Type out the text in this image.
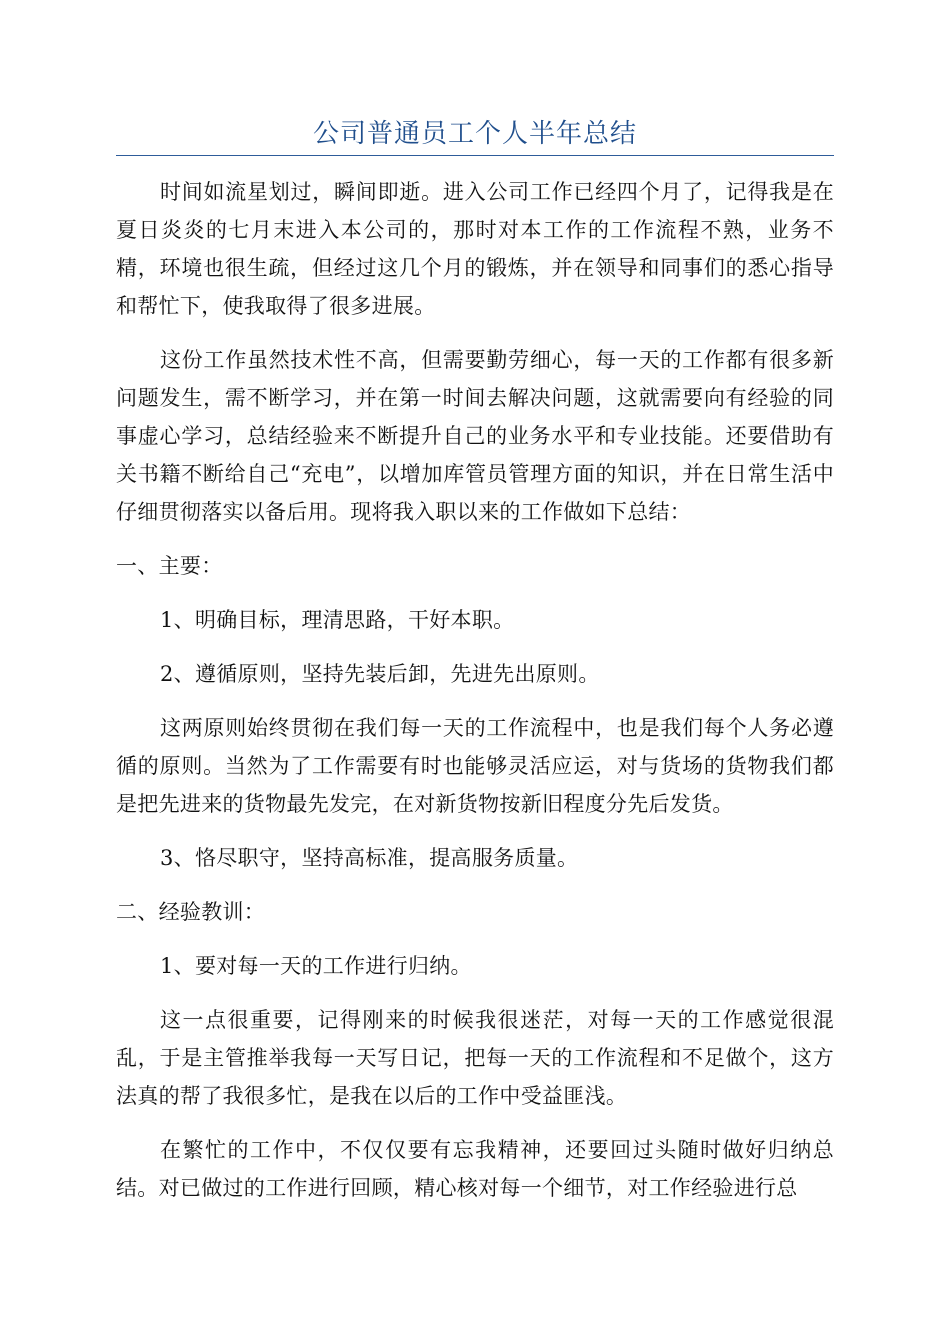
公司普通员工个人半年总结

时间如流星划过，瞬间即逝。进入公司工作已经四个月了，记得我是在夏日炎炎的七月末进入本公司的，那时对本工作的工作流程不熟，业务不精，环境也很生疏，但经过这几个月的锻炼，并在领导和同事们的悉心指导和帮忙下，使我取得了很多进展。

这份工作虽然技术性不高，但需要勤劳细心，每一天的工作都有很多新问题发生，需不断学习，并在第一时间去解决问题，这就需要向有经验的同事虚心学习，总结经验来不断提升自己的业务水平和专业技能。还要借助有关书籍不断给自己“充电”，以增加库管员管理方面的知识，并在日常生活中仔细贯彻落实以备后用。现将我入职以来的工作做如下总结：

一、主要：

1、明确目标，理清思路，干好本职。

2、遵循原则，坚持先装后卸，先进先出原则。

这两原则始终贯彻在我们每一天的工作流程中，也是我们每个人务必遵循的原则。当然为了工作需要有时也能够灵活应运，对与货场的货物我们都是把先进来的货物最先发完，在对新货物按新旧程度分先后发货。

3、恪尽职守，坚持高标准，提高服务质量。

二、经验教训：

1、要对每一天的工作进行归纳。

这一点很重要，记得刚来的时候我很迷茫，对每一天的工作感觉很混乱，于是主管推举我每一天写日记，把每一天的工作流程和不足做个，这方法真的帮了我很多忙，是我在以后的工作中受益匪浅。

在繁忙的工作中，不仅仅要有忘我精神，还要回过头随时做好归纳总结。对已做过的工作进行回顾，精心核对每一个细节，对工作经验进行总
